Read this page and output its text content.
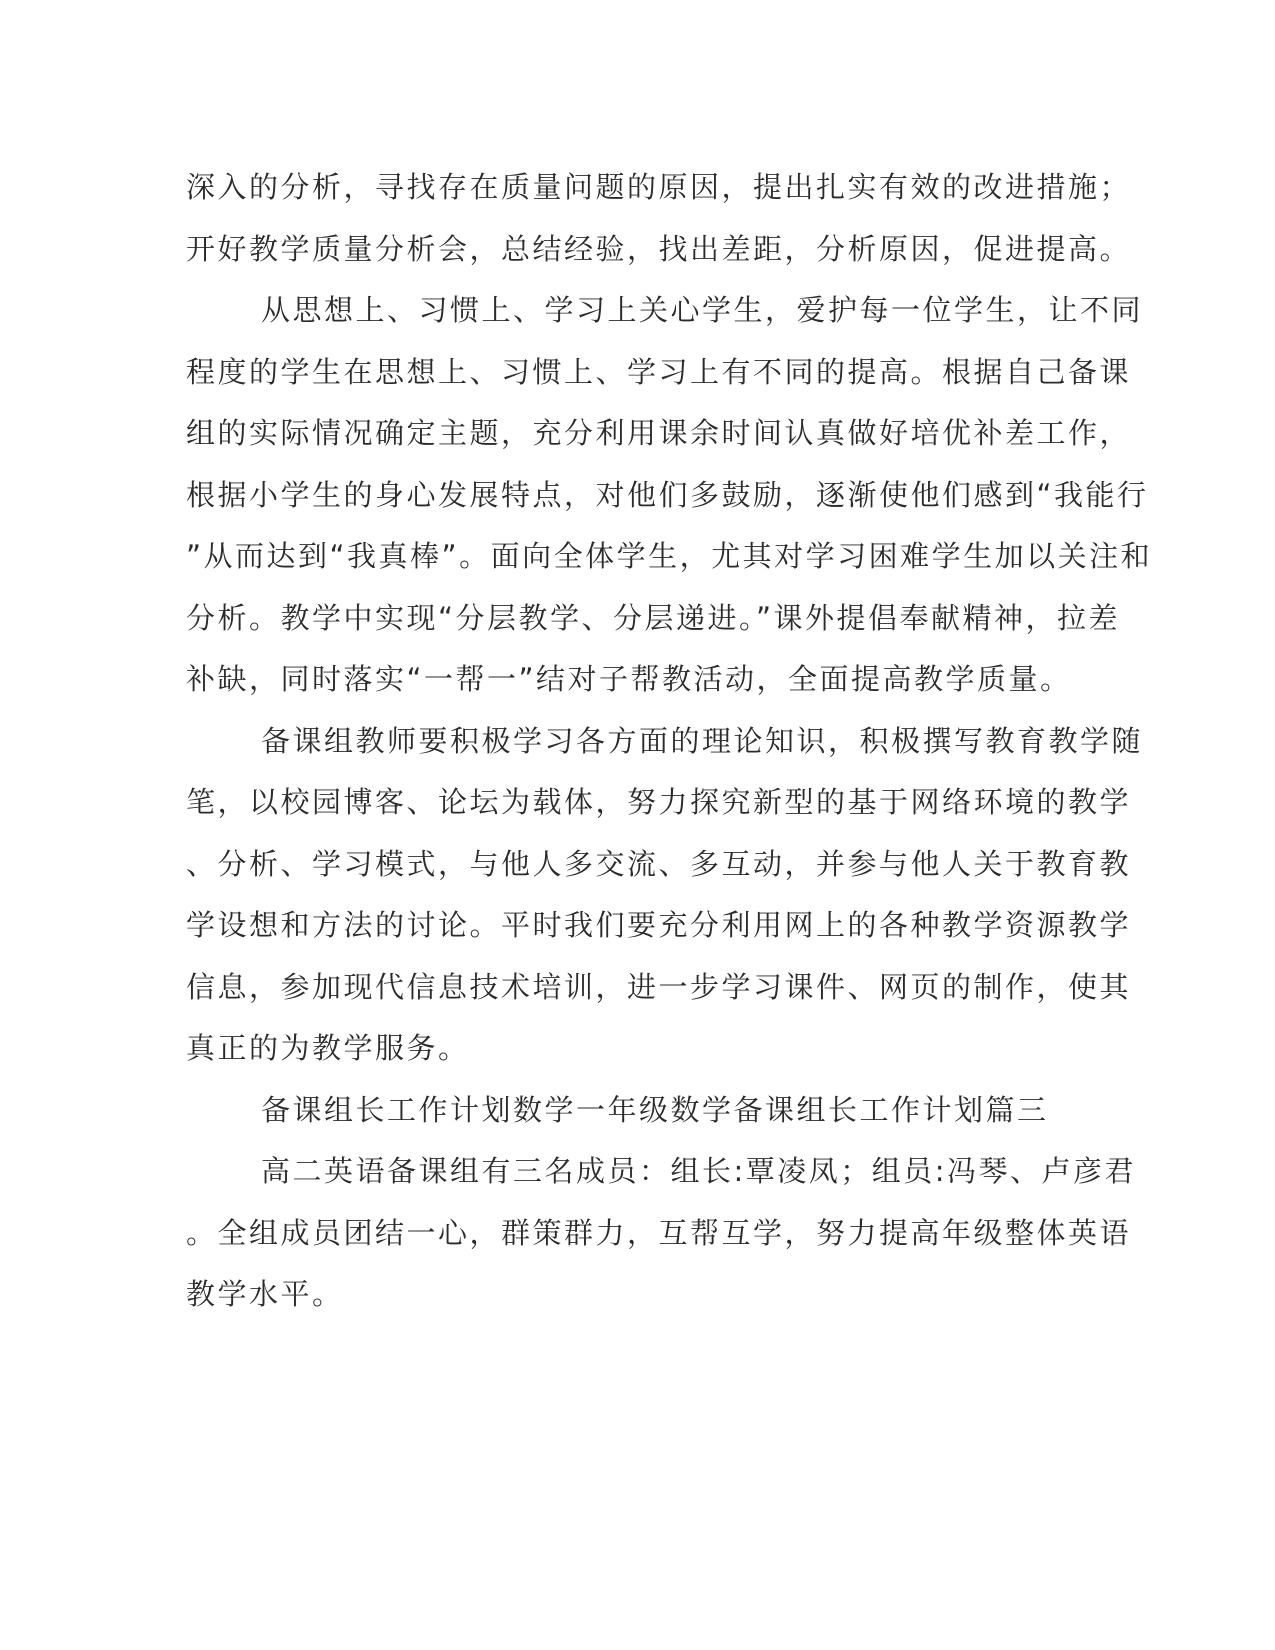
深入的分析，寻找存在质量问题的原因，提出扎实有效的改进措施；
开好教学质量分析会，总结经验，找出差距，分析原因，促进提高。
从思想上、习惯上、学习上关心学生，爱护每一位学生，让不同
程度的学生在思想上、习惯上、学习上有不同的提高。根据自己备课
组的实际情况确定主题，充分利用课余时间认真做好培优补差工作，
根据小学生的身心发展特点，对他们多鼓励，逐渐使他们感到“我能行
”从而达到“我真棒”。面向全体学生，尤其对学习困难学生加以关注和
分析。教学中实现“分层教学、分层递进。”课外提倡奉献精神，拉差
补缺，同时落实“一帮一”结对子帮教活动，全面提高教学质量。
备课组教师要积极学习各方面的理论知识，积极撰写教育教学随
笔，以校园博客、论坛为载体，努力探究新型的基于网络环境的教学
、分析、学习模式，与他人多交流、多互动，并参与他人关于教育教
学设想和方法的讨论。平时我们要充分利用网上的各种教学资源教学
信息，参加现代信息技术培训，进一步学习课件、网页的制作，使其
真正的为教学服务。
备课组长工作计划数学一年级数学备课组长工作计划篇三
高二英语备课组有三名成员：组长:覃凌凤；组员:冯琴、卢彦君
。全组成员团结一心，群策群力，互帮互学，努力提高年级整体英语
教学水平。
